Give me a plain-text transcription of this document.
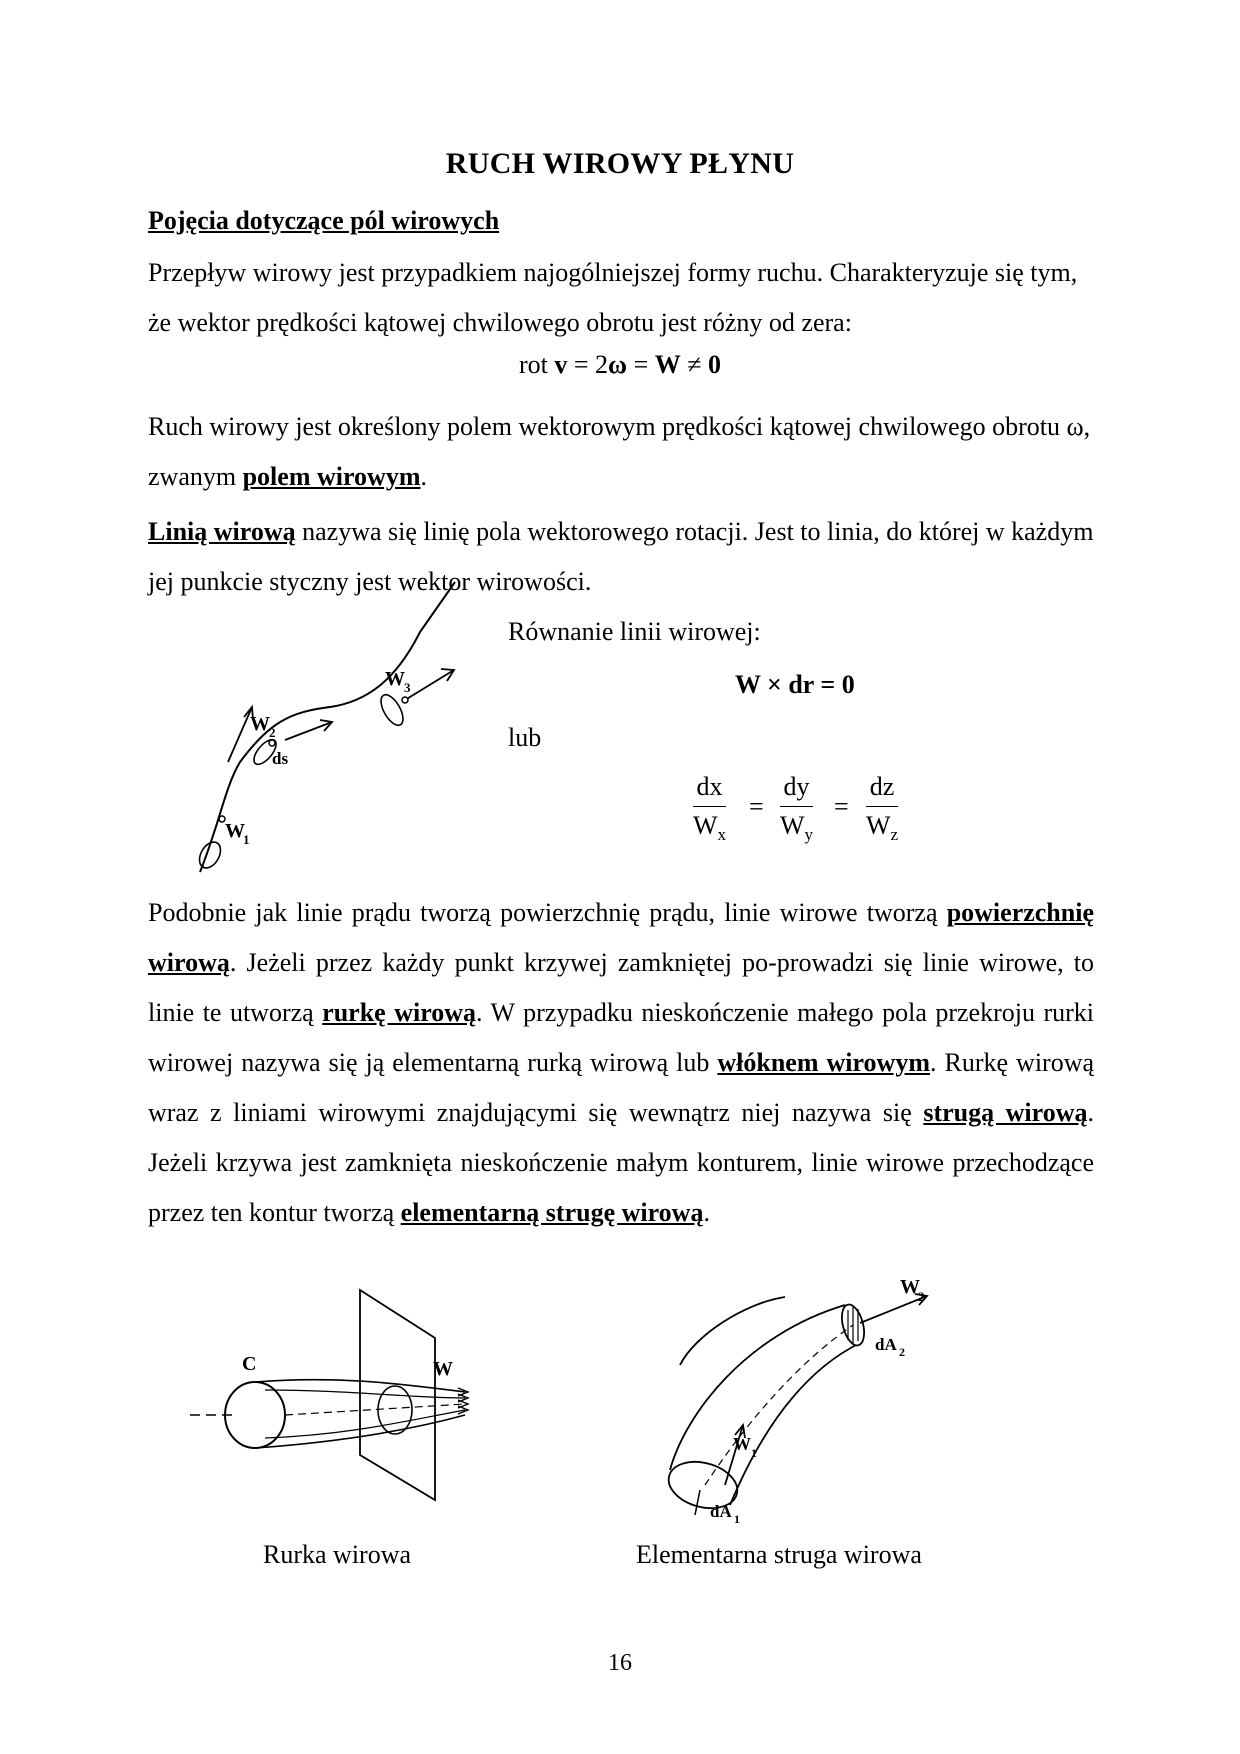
RUCH WIROWY PŁYNU
Pojęcia dotyczące pól wirowych
Przepływ wirowy jest przypadkiem najogólniejszej formy ruchu. Charakteryzuje się tym, że wektor prędkości kątowej chwilowego obrotu jest różny od zera:
rot v = 2ω = W ≠ 0
Ruch wirowy jest określony polem wektorowym prędkości kątowej chwilowego obrotu ω, zwanym polem wirowym.
Linią wirową nazywa się linię pola wektorowego rotacji. Jest to linia, do której w każdym jej punkcie styczny jest wektor wirowości.
W
1
W 2
W 3
ds
Równanie linii wirowej:
W × dr = 0
lub
dx
$W_x$
=
dy
$W_y$
=
dz
$W_z$
Podobnie jak linie prądu tworzą powierzchnię prądu, linie wirowe tworzą powierzchnię wirową. Jeżeli przez każdy punkt krzywej zamkniętej po-prowadzi się linie wirowe, to linie te utworzą rurkę wirową. W przypadku nieskończenie małego pola przekroju rurki wirowej nazywa się ją elementarną rurką wirową lub włóknem wirowym. Rurkę wirową wraz z liniami wirowymi znajdującymi się wewnątrz niej nazywa się strugą wirową. Jeżeli krzywa jest zamknięta nieskończenie małym konturem, linie wirowe przechodzące przez ten kontur tworzą elementarną strugę wirową.
C	W
Rurka wirowa
W
2
dA 2
W 1
dA 1
Elementarna struga wirowa
16
